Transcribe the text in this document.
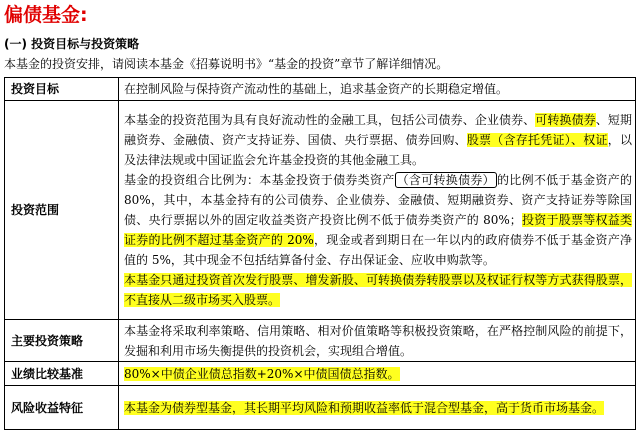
偏债基金:
(一) 投资目标与投资策略
本基金的投资安排，请阅读本基金《招募说明书》“基金的投资”章节了解详细情况。
投资目标	在控制风险与保持资产流动性的基础上，追求基金资产的长期稳定增值。
投资范围	本基金的投资范围为具有良好流动性的金融工具，包括公司债券、企业债券、可转换债券、短期融资券、金融债、资产支持证券、国债、央行票据、债券回购、股票（含存托凭证）、权证，以及法律法规或中国证监会允许基金投资的其他金融工具。
基金的投资组合比例为：本基金投资于债券类资产 （含可转换债券） 的比例不低于基金资产的 80%，其中，本基金持有的公司债券、企业债券、金融债、短期融资券、资产支持证券等除国债、央行票据以外的固定收益类资产投资比例不低于债券类资产的 80%；投资于股票等权益类证券的比例不超过基金资产的 20%，现金或者到期日在一年以内的政府债券不低于基金资产净值的 5%，其中现金不包括结算备付金、存出保证金、应收申购款等。
本基金只通过投资首次发行股票、增发新股、可转换债券转股票以及权证行权等方式获得股票，不直接从二级市场买入股票。

主要投资策略	本基金将采取利率策略、信用策略、相对价值策略等积极投资策略，在严格控制风险的前提下，发掘和利用市场失衡提供的投资机会，实现组合增值。
业绩比较基准	80%×中债企业债总指数+20%×中债国债总指数。
风险收益特征	本基金为债券型基金，其长期平均风险和预期收益率低于混合型基金，高于货币市场基金。
